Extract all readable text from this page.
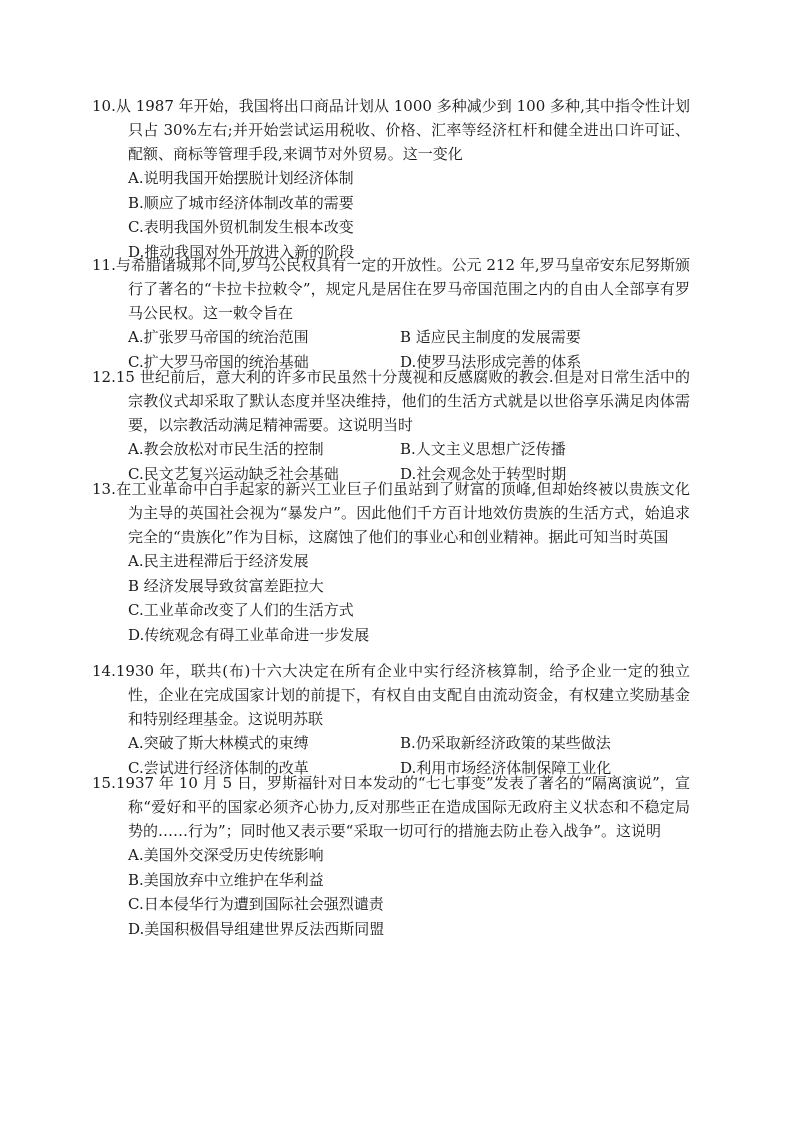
10.从 1987 年开始，我国将出口商品计划从 1000 多种减少到 100 多种,其中指令性计划只占 30%左右;并开始尝试运用税收、价格、汇率等经济杠杆和健全进出口许可证、配额、商标等管理手段,来调节对外贸易。这一变化

A.说明我国开始摆脱计划经济体制
B.顺应了城市经济体制改革的需要
C.表明我国外贸机制发生根本改变
D.推动我国对外开放进入新的阶段

11.与希腊诸城邦不同,罗马公民权具有一定的开放性。公元 212 年,罗马皇帝安东尼努斯颁行了著名的“卡拉卡拉敕令”，规定凡是居住在罗马帝国范围之内的自由人全部享有罗马公民权。这一敕令旨在

A.扩张罗马帝国的统治范围	B 适应民主制度的发展需要
C.扩大罗马帝国的统治基础	D.使罗马法形成完善的体系

12.15 世纪前后，意大利的许多市民虽然十分蔑视和反感腐败的教会.但是对日常生活中的宗教仪式却采取了默认态度并坚决维持，他们的生活方式就是以世俗享乐满足肉体需要，以宗教活动满足精神需要。这说明当时

A.教会放松对市民生活的控制	B.人文主义思想广泛传播
C.民文艺复兴运动缺乏社会基础	D.社会观念处于转型时期

13.在工业革命中白手起家的新兴工业巨子们虽站到了财富的顶峰,但却始终被以贵族文化为主导的英国社会视为“暴发户”。因此他们千方百计地效仿贵族的生活方式，始追求完全的“贵族化”作为目标，这腐蚀了他们的事业心和创业精神。据此可知当时英国

A.民主进程滞后于经济发展
B 经济发展导致贫富差距拉大
C.工业革命改变了人们的生活方式
D.传统观念有碍工业革命进一步发展

14.1930 年，联共(布)十六大决定在所有企业中实行经济核算制，给予企业一定的独立性，企业在完成国家计划的前提下，有权自由支配自由流动资金，有权建立奖励基金和特别经理基金。这说明苏联

A.突破了斯大林模式的束缚	B.仍采取新经济政策的某些做法
C.尝试进行经济体制的改革	D.利用市场经济体制保障工业化

15.1937 年 10 月 5 日，罗斯福针对日本发动的“七七事变”发表了著名的“隔离演说”，宣称“爱好和平的国家必须齐心协力,反对那些正在造成国际无政府主义状态和不稳定局势的……行为”；同时他又表示要“采取一切可行的措施去防止卷入战争”。这说明

A.美国外交深受历史传统影响
B.美国放弃中立维护在华利益
C.日本侵华行为遭到国际社会强烈谴责
D.美国积极倡导组建世界反法西斯同盟
